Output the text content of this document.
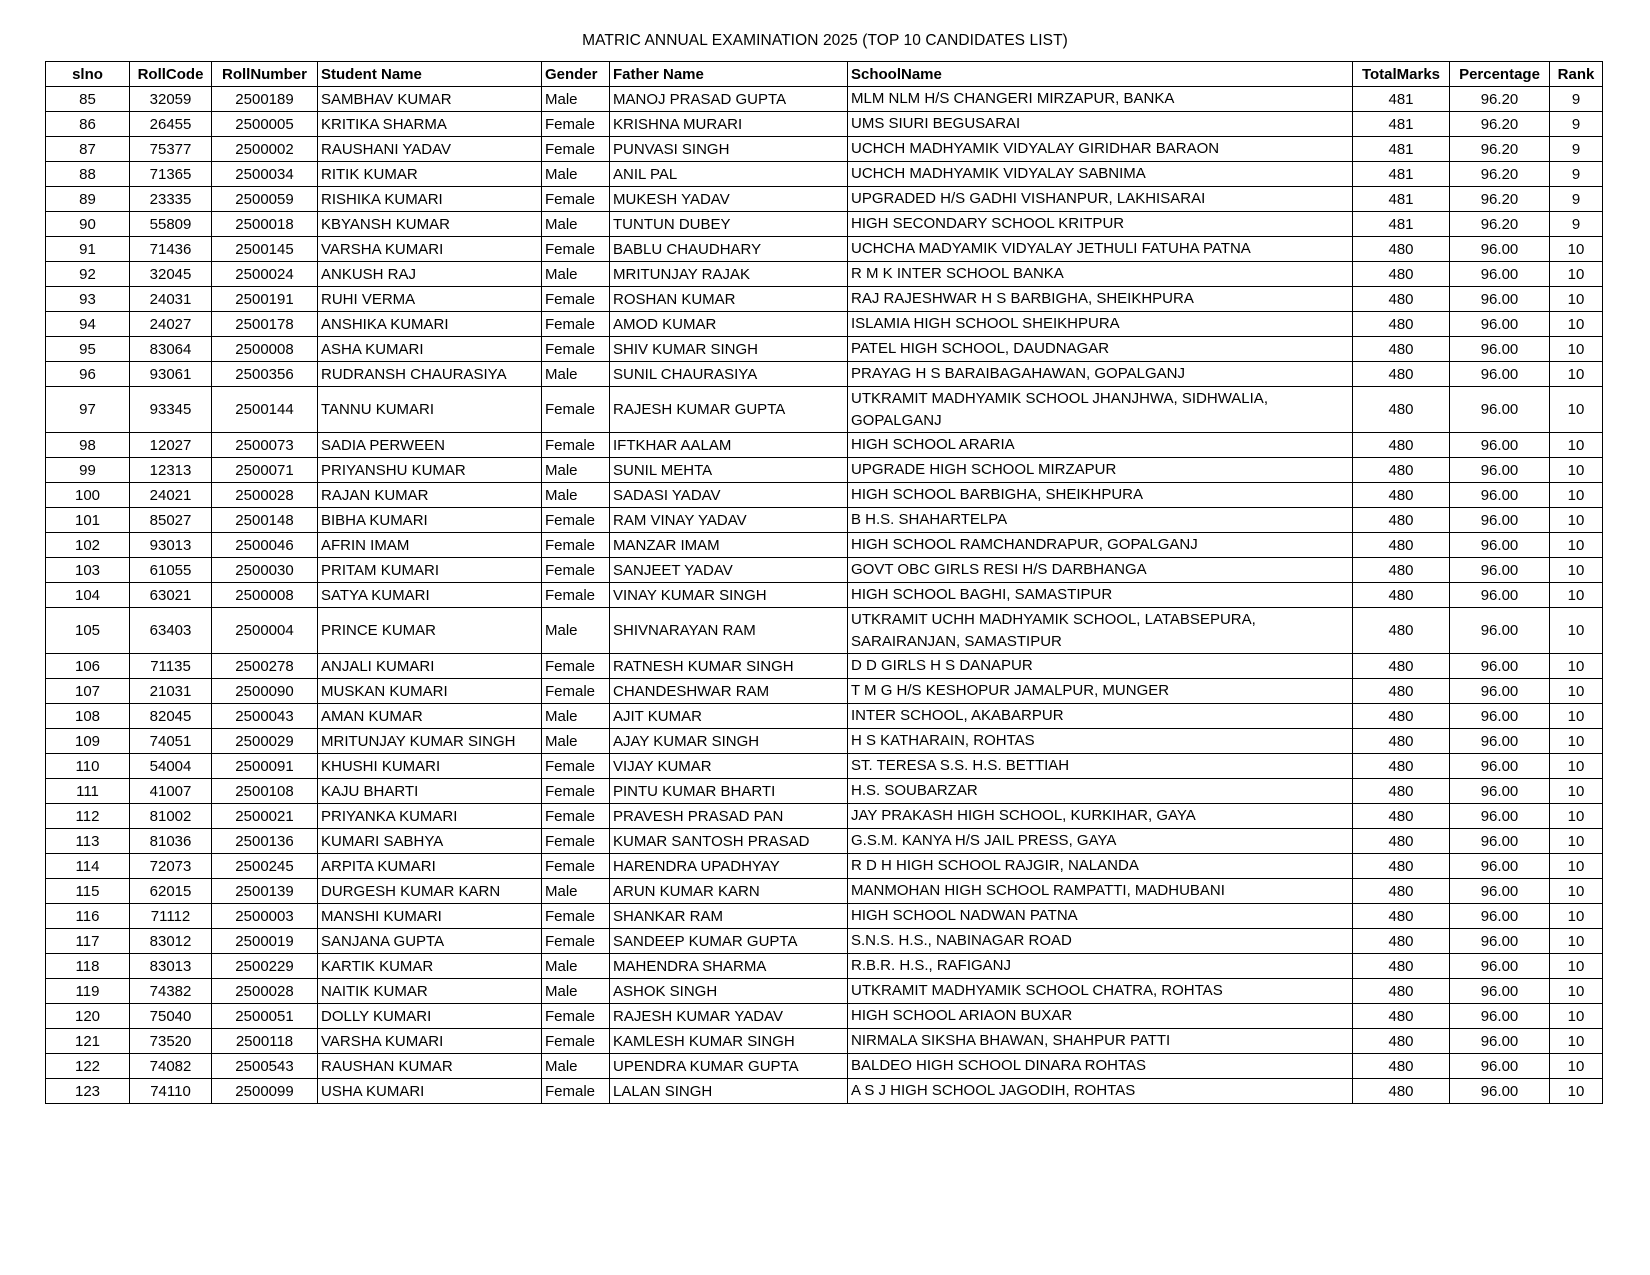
MATRIC ANNUAL EXAMINATION 2025 (TOP 10 CANDIDATES LIST)
slno	RollCode	RollNumber	Student Name	Gender	Father Name	SchoolName	TotalMarks	Percentage	Rank
85	32059	2500189	SAMBHAV KUMAR	Male	MANOJ PRASAD GUPTA	MLM NLM H/S CHANGERI MIRZAPUR, BANKA	481	96.20	9
86	26455	2500005	KRITIKA SHARMA	Female	KRISHNA MURARI	UMS SIURI BEGUSARAI	481	96.20	9
87	75377	2500002	RAUSHANI YADAV	Female	PUNVASI SINGH	UCHCH MADHYAMIK VIDYALAY GIRIDHAR BARAON	481	96.20	9
88	71365	2500034	RITIK KUMAR	Male	ANIL PAL	UCHCH MADHYAMIK VIDYALAY SABNIMA	481	96.20	9
89	23335	2500059	RISHIKA KUMARI	Female	MUKESH YADAV	UPGRADED H/S GADHI VISHANPUR, LAKHISARAI	481	96.20	9
90	55809	2500018	KBYANSH KUMAR	Male	TUNTUN DUBEY	HIGH SECONDARY SCHOOL KRITPUR	481	96.20	9
91	71436	2500145	VARSHA KUMARI	Female	BABLU CHAUDHARY	UCHCHA MADYAMIK VIDYALAY JETHULI FATUHA PATNA	480	96.00	10
92	32045	2500024	ANKUSH RAJ	Male	MRITUNJAY RAJAK	R M K INTER SCHOOL BANKA	480	96.00	10
93	24031	2500191	RUHI VERMA	Female	ROSHAN KUMAR	RAJ RAJESHWAR H S BARBIGHA, SHEIKHPURA	480	96.00	10
94	24027	2500178	ANSHIKA KUMARI	Female	AMOD KUMAR	ISLAMIA HIGH SCHOOL SHEIKHPURA	480	96.00	10
95	83064	2500008	ASHA KUMARI	Female	SHIV KUMAR SINGH	PATEL HIGH SCHOOL, DAUDNAGAR	480	96.00	10
96	93061	2500356	RUDRANSH CHAURASIYA	Male	SUNIL CHAURASIYA	PRAYAG H S BARAIBAGAHAWAN, GOPALGANJ	480	96.00	10
97	93345	2500144	TANNU KUMARI	Female	RAJESH KUMAR GUPTA	UTKRAMIT MADHYAMIK SCHOOL JHANJHWA, SIDHWALIA, GOPALGANJ	480	96.00	10
98	12027	2500073	SADIA PERWEEN	Female	IFTKHAR AALAM	HIGH SCHOOL ARARIA	480	96.00	10
99	12313	2500071	PRIYANSHU KUMAR	Male	SUNIL MEHTA	UPGRADE HIGH SCHOOL MIRZAPUR	480	96.00	10
100	24021	2500028	RAJAN KUMAR	Male	SADASI YADAV	HIGH SCHOOL BARBIGHA, SHEIKHPURA	480	96.00	10
101	85027	2500148	BIBHA KUMARI	Female	RAM VINAY YADAV	B H.S. SHAHARTELPA	480	96.00	10
102	93013	2500046	AFRIN IMAM	Female	MANZAR IMAM	HIGH SCHOOL RAMCHANDRAPUR, GOPALGANJ	480	96.00	10
103	61055	2500030	PRITAM KUMARI	Female	SANJEET YADAV	GOVT OBC GIRLS RESI H/S DARBHANGA	480	96.00	10
104	63021	2500008	SATYA KUMARI	Female	VINAY KUMAR SINGH	HIGH SCHOOL BAGHI, SAMASTIPUR	480	96.00	10
105	63403	2500004	PRINCE KUMAR	Male	SHIVNARAYAN RAM	UTKRAMIT UCHH MADHYAMIK SCHOOL, LATABSEPURA, SARAIRANJAN, SAMASTIPUR	480	96.00	10
106	71135	2500278	ANJALI KUMARI	Female	RATNESH KUMAR SINGH	D D GIRLS H S DANAPUR	480	96.00	10
107	21031	2500090	MUSKAN KUMARI	Female	CHANDESHWAR RAM	T M G H/S KESHOPUR JAMALPUR, MUNGER	480	96.00	10
108	82045	2500043	AMAN KUMAR	Male	AJIT KUMAR	INTER SCHOOL, AKABARPUR	480	96.00	10
109	74051	2500029	MRITUNJAY KUMAR SINGH	Male	AJAY KUMAR SINGH	H S KATHARAIN, ROHTAS	480	96.00	10
110	54004	2500091	KHUSHI KUMARI	Female	VIJAY KUMAR	ST. TERESA S.S. H.S. BETTIAH	480	96.00	10
111	41007	2500108	KAJU BHARTI	Female	PINTU KUMAR BHARTI	H.S. SOUBARZAR	480	96.00	10
112	81002	2500021	PRIYANKA KUMARI	Female	PRAVESH PRASAD PAN	JAY PRAKASH HIGH SCHOOL, KURKIHAR, GAYA	480	96.00	10
113	81036	2500136	KUMARI SABHYA	Female	KUMAR SANTOSH PRASAD	G.S.M. KANYA H/S JAIL PRESS, GAYA	480	96.00	10
114	72073	2500245	ARPITA KUMARI	Female	HARENDRA UPADHYAY	R D H HIGH SCHOOL RAJGIR, NALANDA	480	96.00	10
115	62015	2500139	DURGESH KUMAR KARN	Male	ARUN KUMAR KARN	MANMOHAN HIGH SCHOOL RAMPATTI, MADHUBANI	480	96.00	10
116	71112	2500003	MANSHI KUMARI	Female	SHANKAR RAM	HIGH SCHOOL NADWAN PATNA	480	96.00	10
117	83012	2500019	SANJANA GUPTA	Female	SANDEEP KUMAR GUPTA	S.N.S. H.S., NABINAGAR ROAD	480	96.00	10
118	83013	2500229	KARTIK KUMAR	Male	MAHENDRA SHARMA	R.B.R. H.S., RAFIGANJ	480	96.00	10
119	74382	2500028	NAITIK KUMAR	Male	ASHOK SINGH	UTKRAMIT MADHYAMIK SCHOOL CHATRA, ROHTAS	480	96.00	10
120	75040	2500051	DOLLY KUMARI	Female	RAJESH KUMAR YADAV	HIGH SCHOOL ARIAON BUXAR	480	96.00	10
121	73520	2500118	VARSHA KUMARI	Female	KAMLESH KUMAR SINGH	NIRMALA SIKSHA BHAWAN, SHAHPUR PATTI	480	96.00	10
122	74082	2500543	RAUSHAN KUMAR	Male	UPENDRA KUMAR GUPTA	BALDEO HIGH SCHOOL DINARA ROHTAS	480	96.00	10
123	74110	2500099	USHA KUMARI	Female	LALAN SINGH	A S J HIGH SCHOOL JAGODIH, ROHTAS	480	96.00	10
